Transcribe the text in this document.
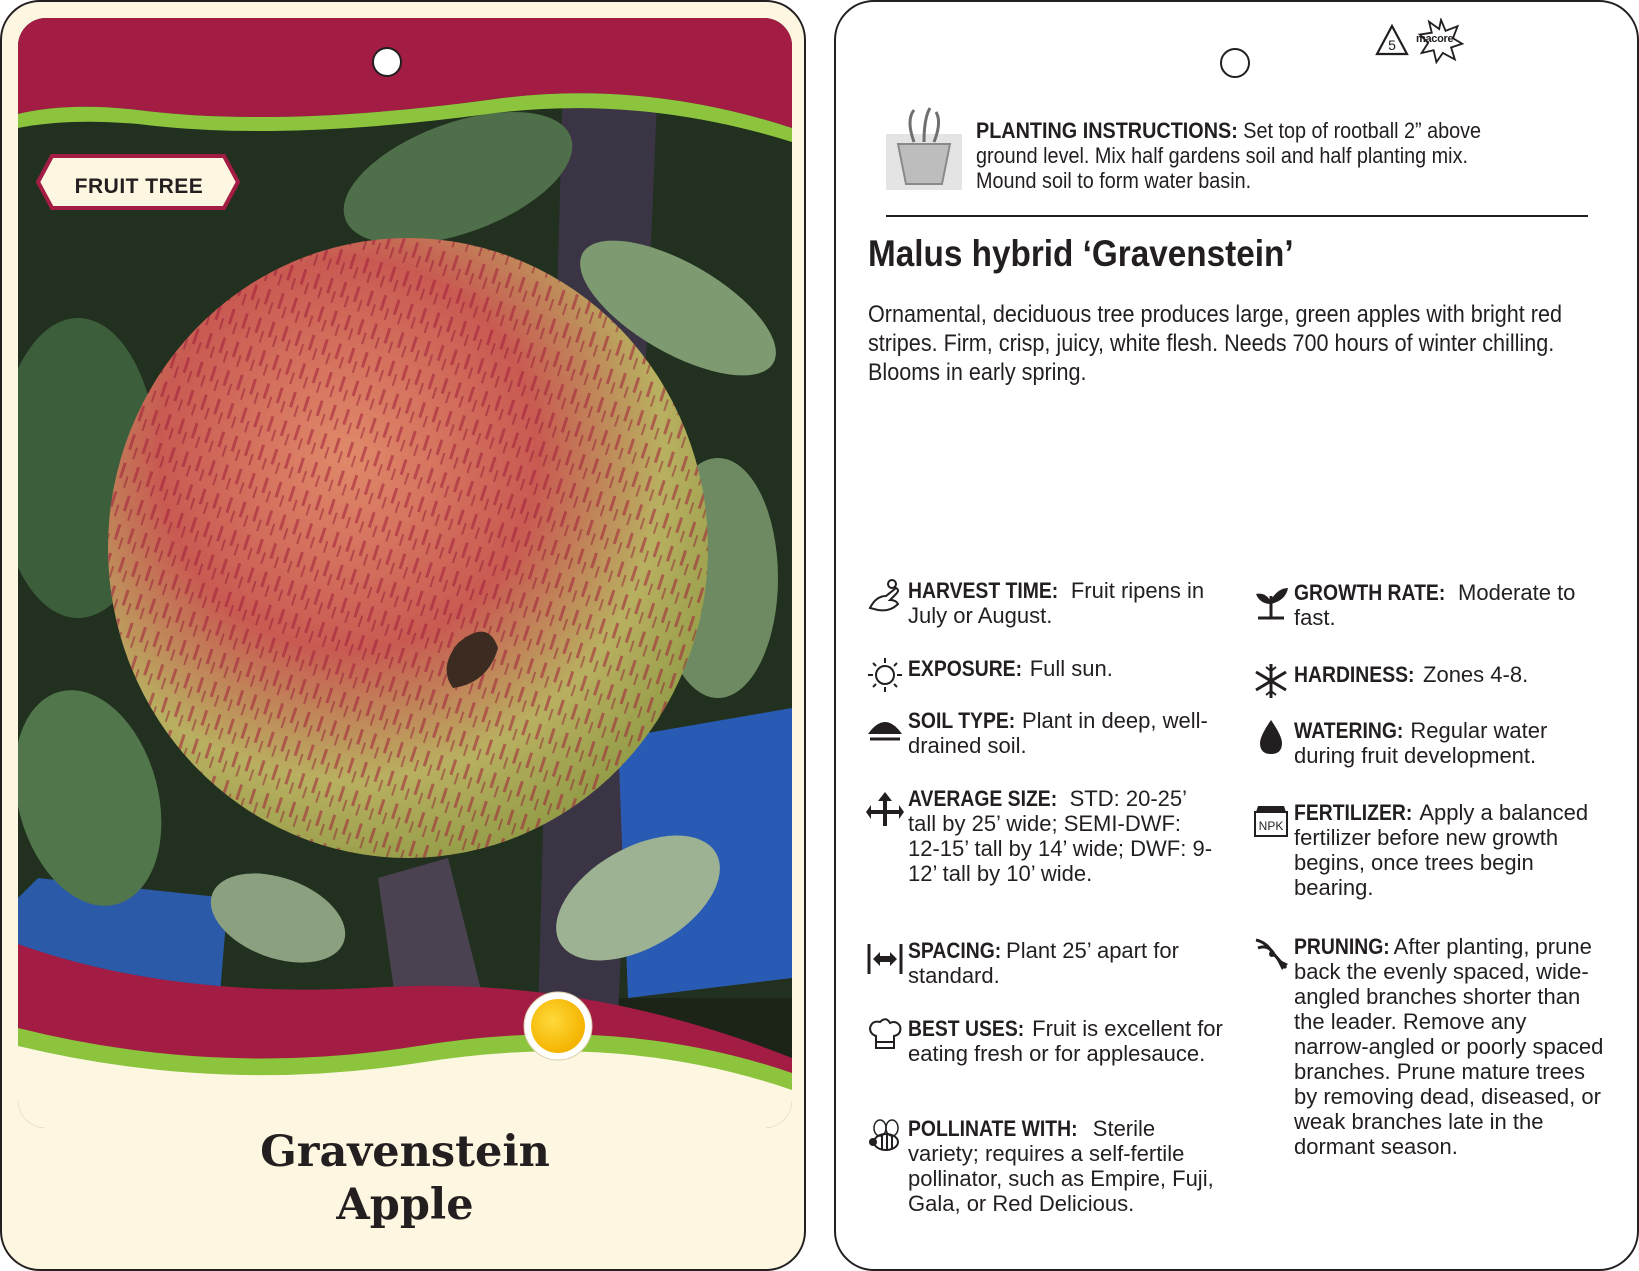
FRUIT TREE
Gravenstein
Apple
5 macore
PLANTING INSTRUCTIONS: Set top of rootball 2” above ground level. Mix half gardens soil and half planting mix. Mound soil to form water basin.
Malus hybrid ‘Gravenstein’
Ornamental, deciduous tree produces large, green apples with bright red stripes. Firm, crisp, juicy, white flesh. Needs 700 hours of winter chilling. Blooms in early spring.
HARVEST TIME: Fruit ripens in July or August.
EXPOSURE: Full sun.
SOIL TYPE: Plant in deep, well-drained soil.
AVERAGE SIZE: STD: 20-25’ tall by 25’ wide; SEMI-DWF: 12-15’ tall by 14’ wide; DWF: 9-12’ tall by 10’ wide.
SPACING: Plant 25’ apart for standard.
BEST USES: Fruit is excellent for eating fresh or for applesauce.
POLLINATE WITH: Sterile variety; requires a self-fertile pollinator, such as Empire, Fuji, Gala, or Red Delicious.
GROWTH RATE: Moderate to fast.
HARDINESS: Zones 4-8.
WATERING: Regular water during fruit development.
NPK
FERTILIZER: Apply a balanced fertilizer before new growth begins, once trees begin bearing.
PRUNING: After planting, prune back the evenly spaced, wide-angled branches shorter than the leader. Remove any narrow-angled or poorly spaced branches. Prune mature trees by removing dead, diseased, or weak branches late in the dormant season.
